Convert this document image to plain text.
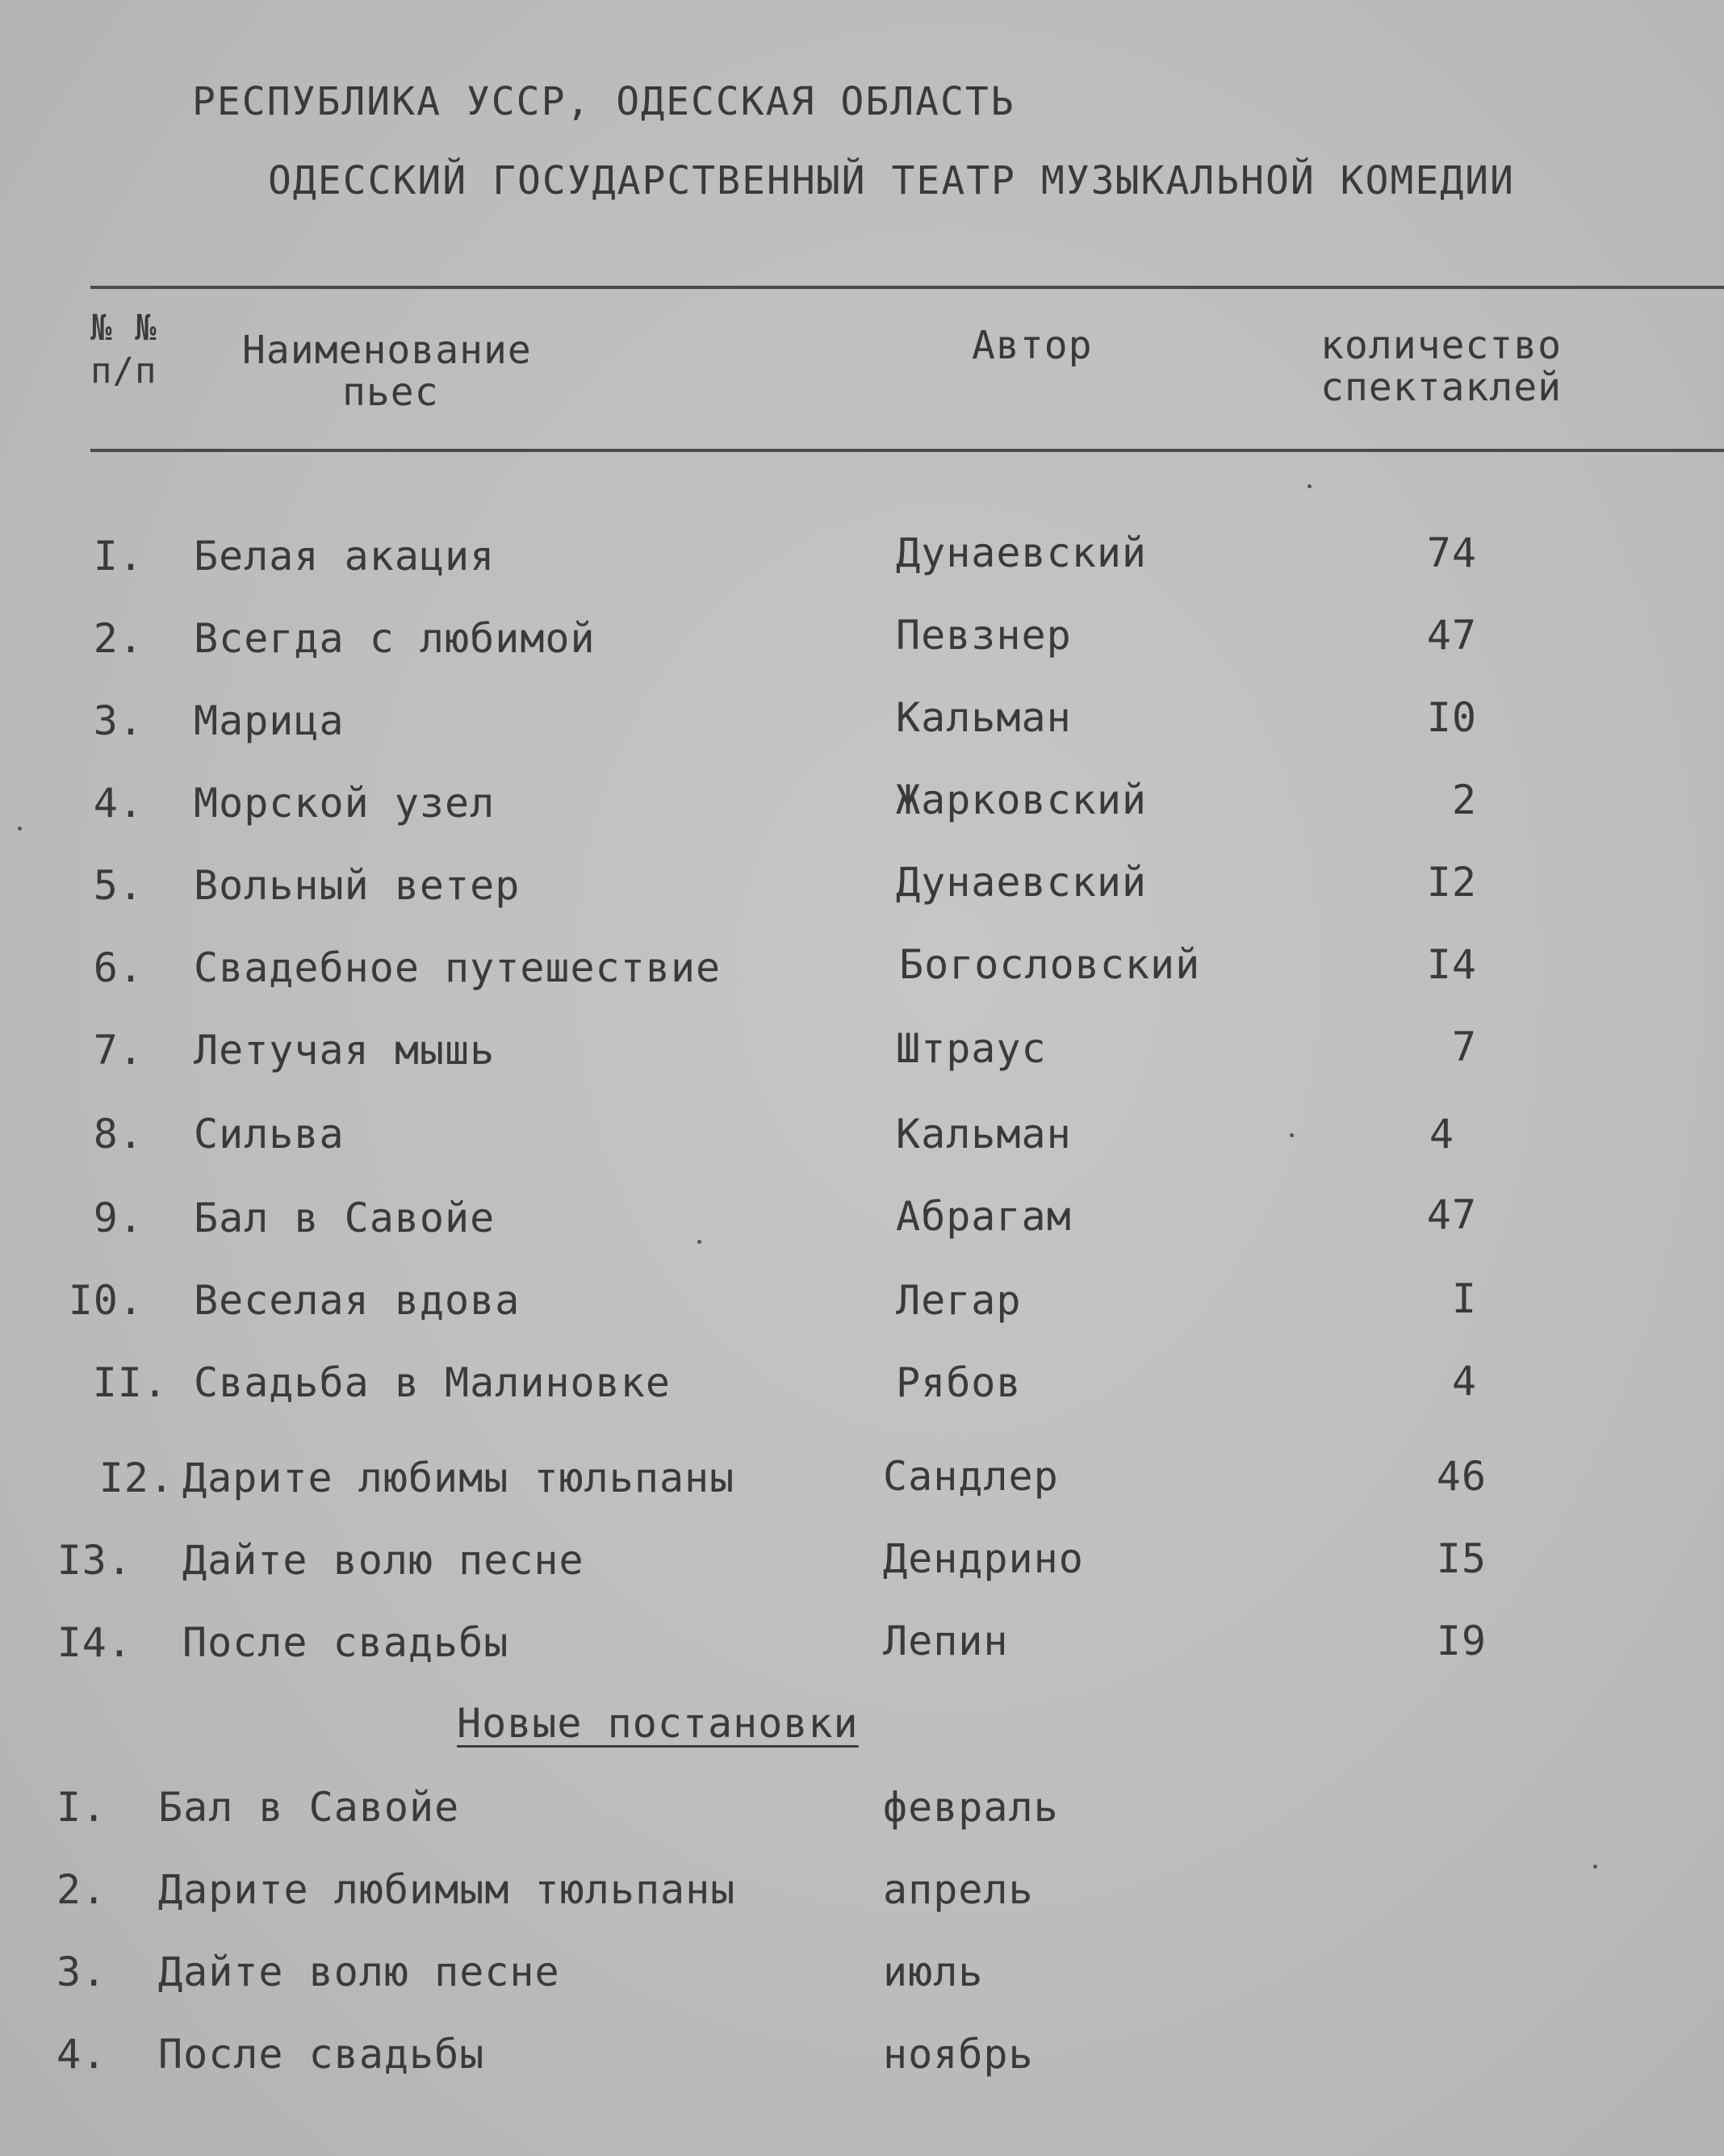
РЕСПУБЛИКА УССР, ОДЕССКАЯ ОБЛАСТЬ
ОДЕССКИЙ ГОСУДАРСТВЕННЫЙ ТЕАТР МУЗЫКАЛЬНОЙ КОМЕДИИ
№ №
п/п Наименование
пьес
Автор	количество
спектаклей
I. Белая акация	Дунаевский	74
2. Всегда с любимой	Певзнер	47
3. Марица	Кальман	I0
4. Морской узел	Жарковский	2
5. Вольный ветер	Дунаевский	I2
6. Свадебное путешествие	Богословский	I4
7. Летучая мышь	Штраус	7
8. Сильва	Кальман	4
9. Бал в Савойе	Абрагам	47
I0. Веселая вдова	Легар	I
II. Свадьба в Малиновке	Рябов	4
I2. Дарите любимы тюльпаны	Сандлер	46
I3. Дайте волю песне	Дендрино	I5
I4. После свадьбы	Лепин	I9
Новые постановки
I. Бал в Савойе	февраль
2. Дарите любимым тюльпаны	апрель
3. Дайте волю песне	июль
4. После свадьбы	ноябрь
